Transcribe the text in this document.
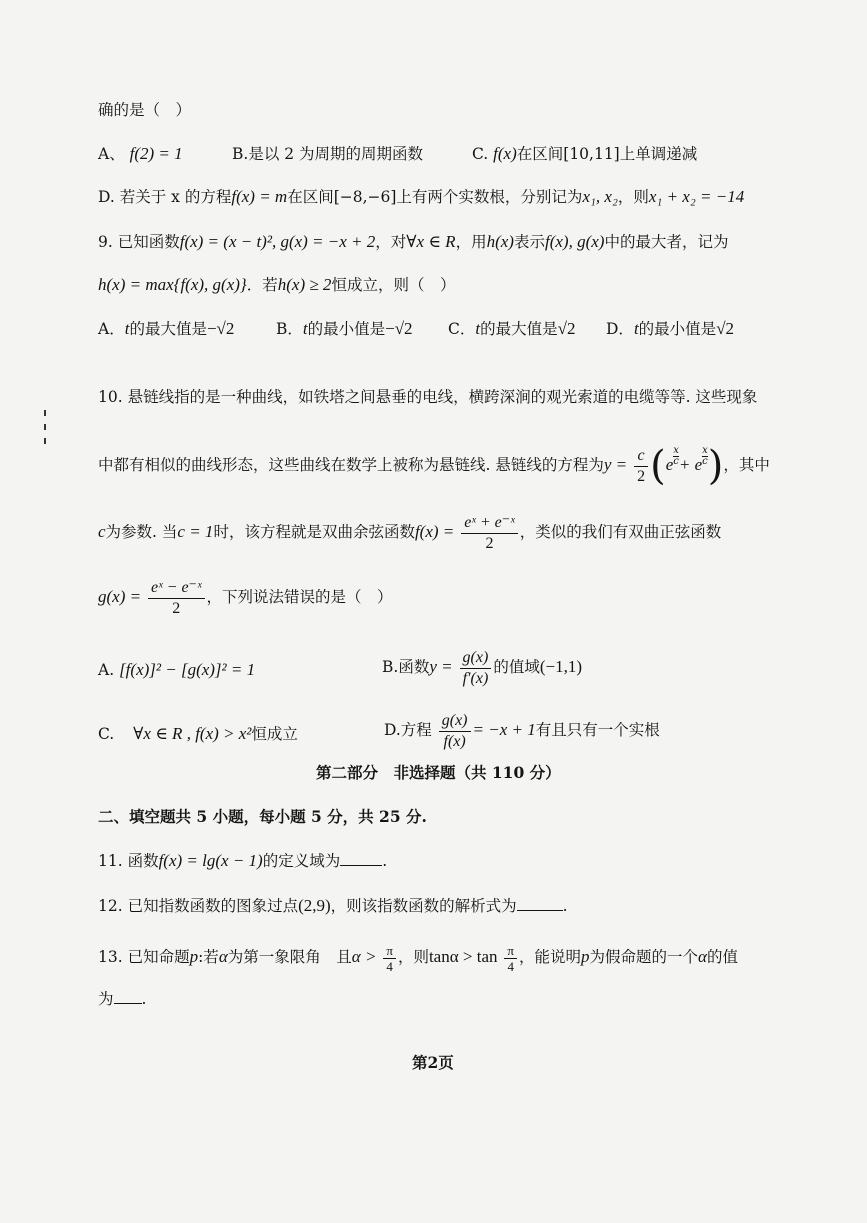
确的是（　）
A、 f(2) = 1	B.是以 2 为周期的周期函数	C. f(x)在区间[10,11]上单调递减
D. 若关于 x 的方程f(x) = m在区间[−8,−6]上有两个实数根，分别记为x₁, x₂，则x₁ + x₂ = −14
9. 已知函数f(x) = (x − t)², g(x) = −x + 2，对∀x ∈ R，用h(x)表示f(x), g(x)中的最大者，记为
h(x) = max{f(x), g(x)}．若h(x) ≥ 2恒成立，则（　）
A．t的最大值是−√2	B．t的最小值是−√2 C．t的最大值是√2 D．t的最小值是√2
10. 悬链线指的是一种曲线，如铁塔之间悬垂的电线，横跨深涧的观光索道的电缆等等. 这些现象
中都有相似的曲线形态，这些曲线在数学上被称为悬链线. 悬链线的方程为$y = \frac{c}{2} (e \frac{x}{c} + e \frac{x}{c}$ )，其中
c为参数. 当c = 1时，该方程就是双曲余弦函数$f(x) = \frac{\text{eˣ + e⁻ˣ}}{2}$ ，类似的我们有双曲正弦函数
$g(x) = \frac{\text{eˣ − e⁻ˣ}}{2}$ ，下列说法错误的是（　）
A. [f(x)]² − [g(x)]² = 1	B.函数$y = \frac{g(x)}{f'(x)}$ 的值域(−1,1)
C. ∀x ∈ R , f(x) > x²恒成立	D.方程 $\frac{g(x)}{f(x)} = -x + 1$有且只有一个实根
第二部分　非选择题（共 110 分）
二、填空题共 5 小题，每小题 5 分，共 25 分.
11. 函数f(x) = lg(x − 1)的定义域为	.
12. 已知指数函数的图象过点(2,9)，则该指数函数的解析式为	.
13. 已知命题p:若α为第一象限角　且$\alpha > \frac{\pi}{4}$ ，则$\tan\alpha > \tan \frac{\pi}{4}$ ，能说明p为假命题的一个α的值
为 .
第2页
